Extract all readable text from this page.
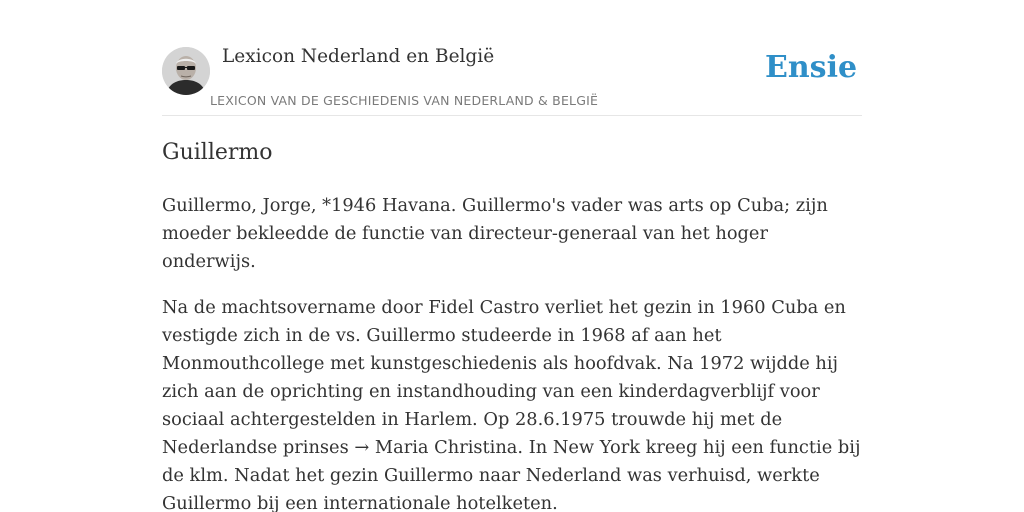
Lexicon Nederland en België
LEXICON VAN DE GESCHIEDENIS VAN NEDERLAND & BELGIË
Ensie
Guillermo

Guillermo, Jorge, *1946 Havana. Guillermo's vader was arts op Cuba; zijn moeder bekleedde de functie van directeur-generaal van het hoger onderwijs.

Na de machtsovername door Fidel Castro verliet het gezin in 1960 Cuba en vestigde zich in de vs. Guillermo studeerde in 1968 af aan het Monmouthcollege met kunstgeschiedenis als hoofdvak. Na 1972 wijdde hij zich aan de oprichting en instandhouding van een kinderdagverblijf voor sociaal achtergestelden in Harlem. Op 28.6.1975 trouwde hij met de Nederlandse prinses → Maria Christina. In New York kreeg hij een functie bij de klm. Nadat het gezin Guillermo naar Nederland was verhuisd, werkte Guillermo bij een internationale hotelketen.
